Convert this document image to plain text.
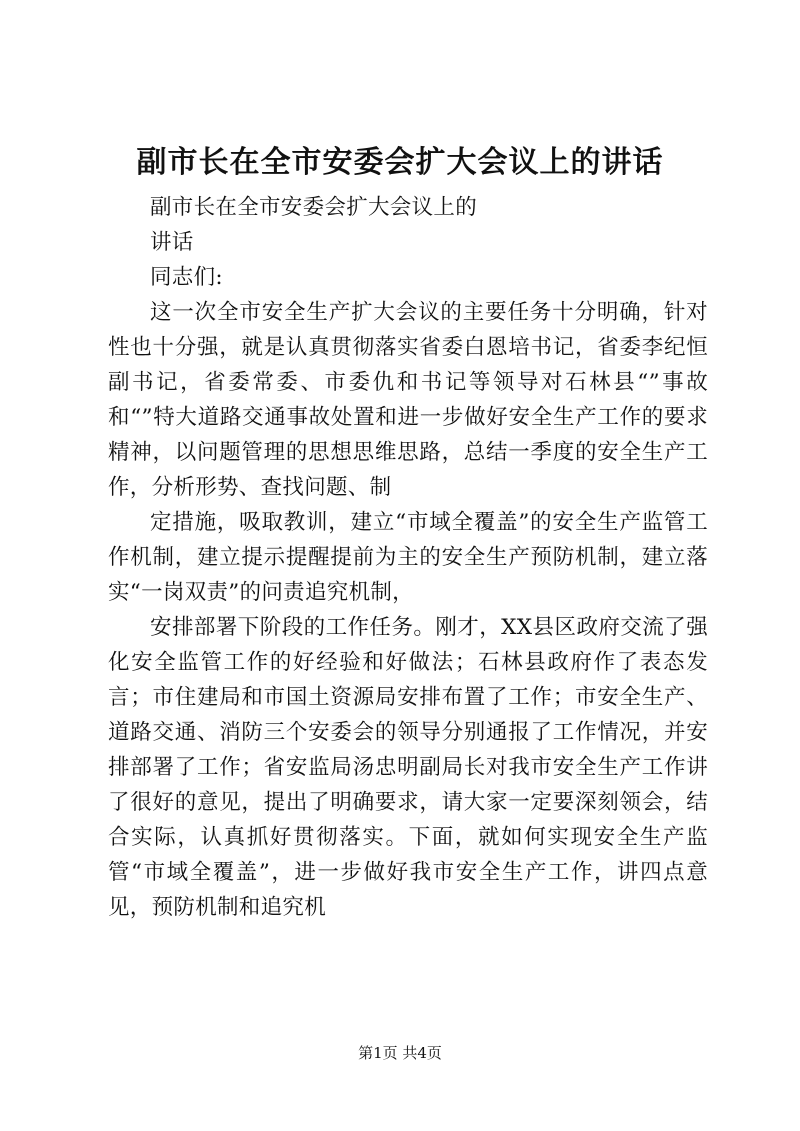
副市长在全市安委会扩大会议上的讲话

副市长在全市安委会扩大会议上的

讲话

同志们:

这一次全市安全生产扩大会议的主要任务十分明确，针对性也十分强，就是认真贯彻落实省委白恩培书记，省委李纪恒副书记，省委常委、市委仇和书记等领导对石林县“”事故和“”特大道路交通事故处置和进一步做好安全生产工作的要求精神，以问题管理的思想思维思路，总结一季度的安全生产工作，分析形势、查找问题、制

定措施，吸取教训，建立“市域全覆盖”的安全生产监管工作机制，建立提示提醒提前为主的安全生产预防机制，建立落实“一岗双责”的问责追究机制，

安排部署下阶段的工作任务。刚才，XX县区政府交流了强化安全监管工作的好经验和好做法；石林县政府作了表态发言；市住建局和市国土资源局安排布置了工作；市安全生产、道路交通、消防三个安委会的领导分别通报了工作情况，并安排部署了工作；省安监局汤忠明副局长对我市安全生产工作讲了很好的意见，提出了明确要求，请大家一定要深刻领会，结合实际，认真抓好贯彻落实。下面，就如何实现安全生产监管“市域全覆盖”，进一步做好我市安全生产工作，讲四点意见，预防机制和追究机

第1页 共4页
